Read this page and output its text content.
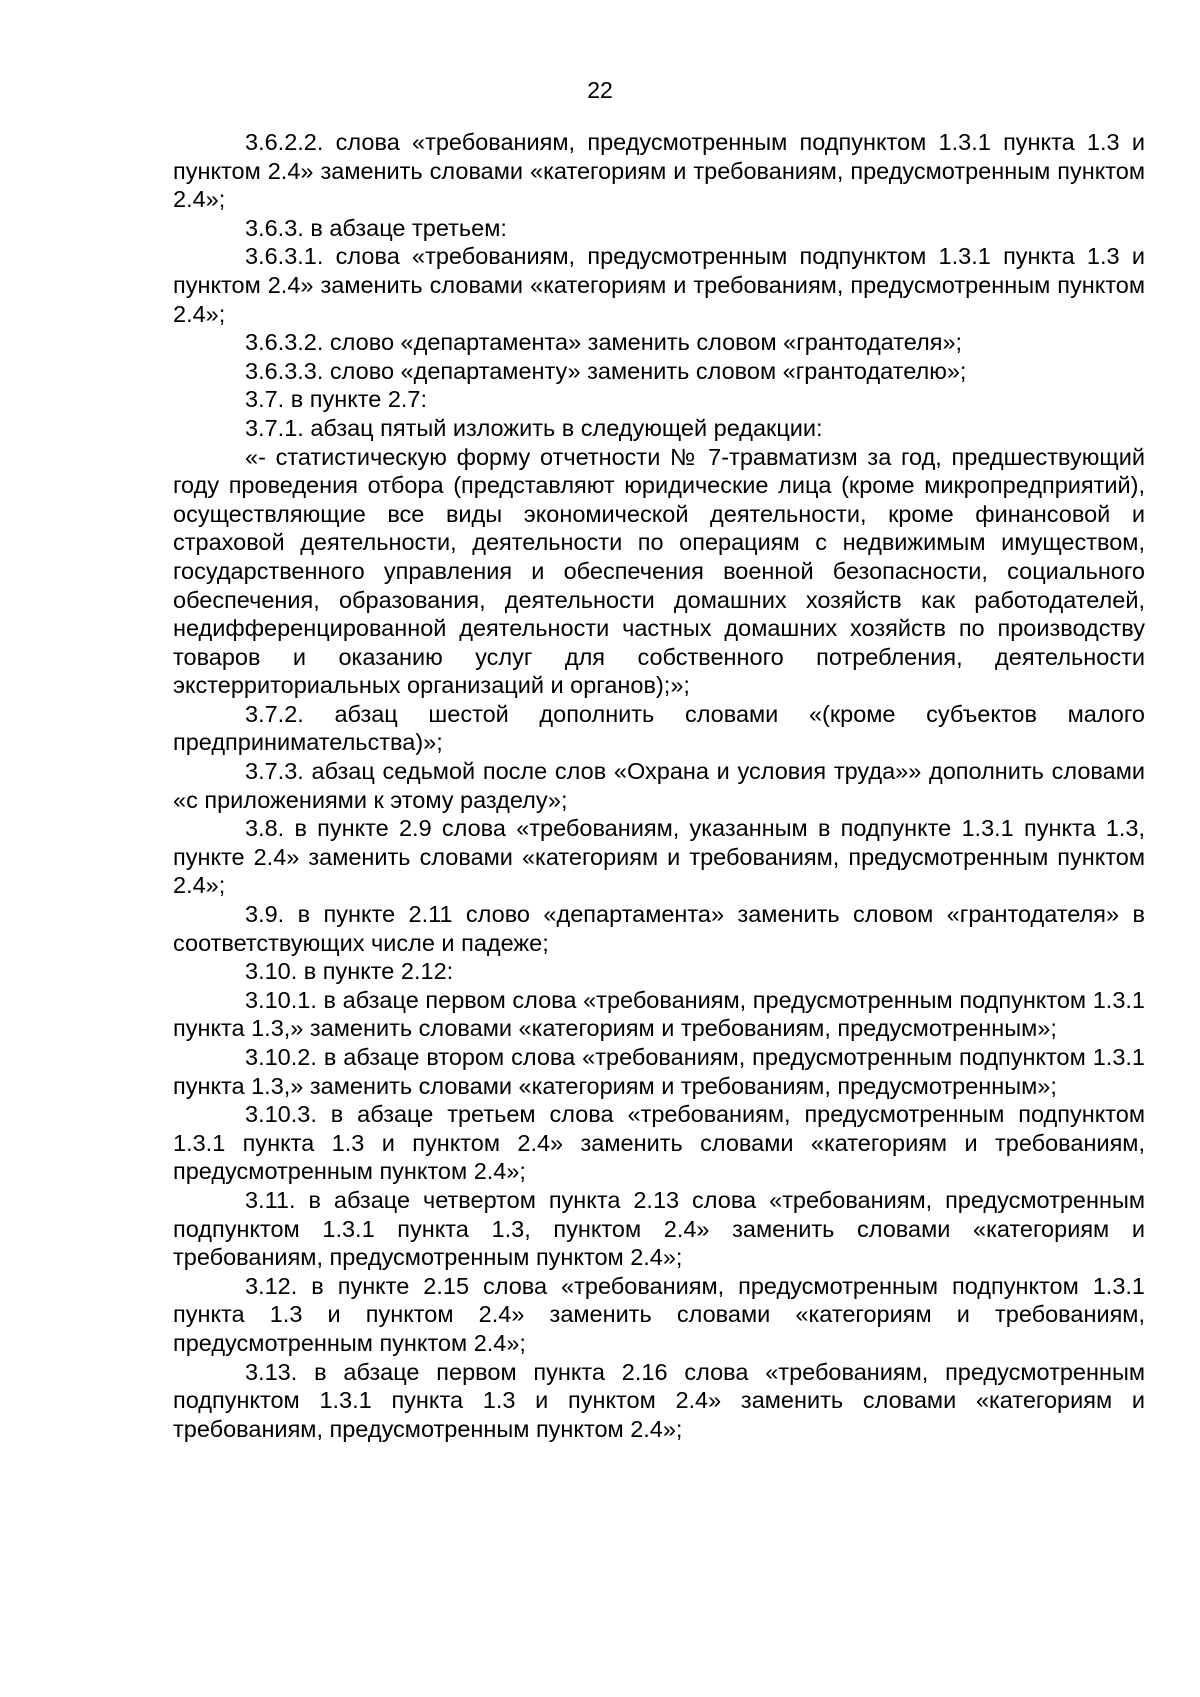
22

3.6.2.2. слова «требованиям, предусмотренным подпунктом 1.3.1 пункта 1.3 и пунктом 2.4» заменить словами «категориям и требованиям, предусмотренным пунктом 2.4»;

3.6.3. в абзаце третьем:

3.6.3.1. слова «требованиям, предусмотренным подпунктом 1.3.1 пункта 1.3 и пунктом 2.4» заменить словами «категориям и требованиям, предусмотренным пунктом 2.4»;

3.6.3.2. слово «департамента» заменить словом «грантодателя»;

3.6.3.3. слово «департаменту» заменить словом «грантодателю»;

3.7. в пункте 2.7:

3.7.1. абзац пятый изложить в следующей редакции:

«- статистическую форму отчетности № 7-травматизм за год, предшествующий году проведения отбора (представляют юридические лица (кроме микропредприятий), осуществляющие все виды экономической деятельности, кроме финансовой и страховой деятельности, деятельности по операциям с недвижимым имуществом, государственного управления и обеспечения военной безопасности, социального обеспечения, образования, деятельности домашних хозяйств как работодателей, недифференцированной деятельности частных домашних хозяйств по производству товаров и оказанию услуг для собственного потребления, деятельности экстерриториальных организаций и органов);»;

3.7.2. абзац шестой дополнить словами «(кроме субъектов малого предпринимательства)»;

3.7.3. абзац седьмой после слов «Охрана и условия труда»» дополнить словами «с приложениями к этому разделу»;

3.8. в пункте 2.9 слова «требованиям, указанным в подпункте 1.3.1 пункта 1.3, пункте 2.4» заменить словами «категориям и требованиям, предусмотренным пунктом 2.4»;

3.9. в пункте 2.11 слово «департамента» заменить словом «грантодателя» в соответствующих числе и падеже;

3.10. в пункте 2.12:

3.10.1. в абзаце первом слова «требованиям, предусмотренным подпунктом 1.3.1 пункта 1.3,» заменить словами «категориям и требованиям, предусмотренным»;

3.10.2. в абзаце втором слова «требованиям, предусмотренным подпунктом 1.3.1 пункта 1.3,» заменить словами «категориям и требованиям, предусмотренным»;

3.10.3. в абзаце третьем слова «требованиям, предусмотренным подпунктом 1.3.1 пункта 1.3 и пунктом 2.4» заменить словами «категориям и требованиям, предусмотренным пунктом 2.4»;

3.11. в абзаце четвертом пункта 2.13 слова «требованиям, предусмотренным подпунктом 1.3.1 пункта 1.3, пунктом 2.4» заменить словами «категориям и требованиям, предусмотренным пунктом 2.4»;

3.12. в пункте 2.15 слова «требованиям, предусмотренным подпунктом 1.3.1 пункта 1.3 и пунктом 2.4» заменить словами «категориям и требованиям, предусмотренным пунктом 2.4»;

3.13. в абзаце первом пункта 2.16 слова «требованиям, предусмотренным подпунктом 1.3.1 пункта 1.3 и пунктом 2.4» заменить словами «категориям и требованиям, предусмотренным пунктом 2.4»;
